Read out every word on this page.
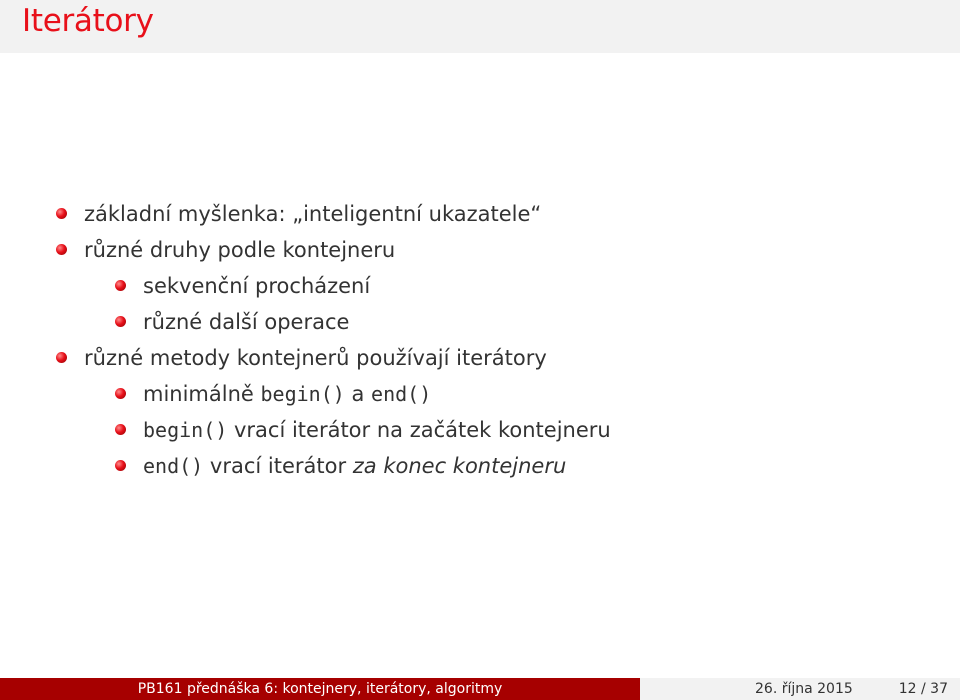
Iterátory
základní myšlenka: „inteligentní ukazatele“
různé druhy podle kontejneru
sekvenční procházení
různé další operace
různé metody kontejnerů používají iterátory
minimálně begin() a end()
begin() vrací iterátor na začátek kontejneru
end() vrací iterátor za konec kontejneru
PB161 přednáška 6: kontejnery, iterátory, algoritmy	26. října 2015	12 / 37
